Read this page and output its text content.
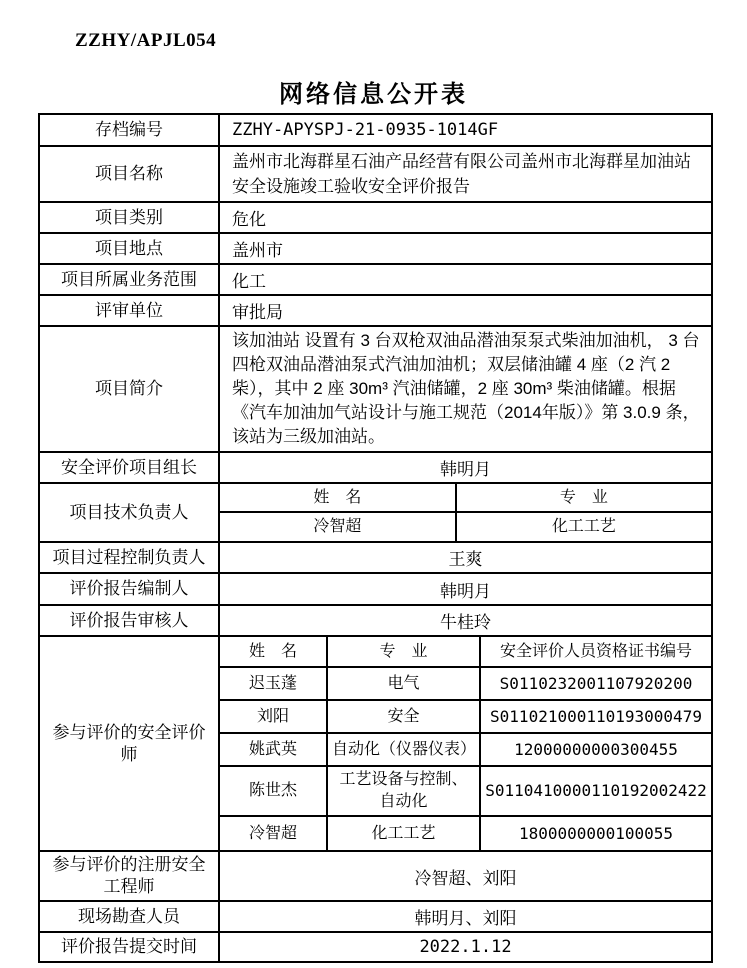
ZZHY/APJL054
网络信息公开表
存档编号	ZZHY-APYSPJ-21-0935-1014GF
项目名称	盖州市北海群星石油产品经营有限公司盖州市北海群星加油站安全设施竣工验收安全评价报告
项目类别	危化
项目地点	盖州市
项目所属业务范围	化工
评审单位	审批局
项目简介	该加油站 设置有 3 台双枪双油品潜油泵泵式柴油加油机， 3 台四枪双油品潜油泵式汽油加油机；双层储油罐 4 座（2 汽 2 柴），其中 2 座 30m³ 汽油储罐，2 座 30m³ 柴油储罐。根据《汽车加油加气站设计与施工规范（2014年版）》第 3.0.9 条，该站为三级加油站。
安全评价项目组长	韩明月
项目技术负责人	
姓　名	专　业
冷智超	化工工艺

项目过程控制负责人	王爽
评价报告编制人	韩明月
评价报告审核人	牛桂玲
参与评价的安全评价师	
姓　名	专　业	安全评价人员资格证书编号
迟玉蓬	电气	S0110232001107920200
刘阳	安全	S011021000110193000479
姚武英	自动化（仪器仪表）	12000000000300455
陈世杰	工艺设备与控制、自动化	S0110410000110192002422
冷智超	化工工艺	1800000000100055

参与评价的注册安全工程师	冷智超、刘阳
现场勘查人员	韩明月、刘阳
评价报告提交时间	2022.1.12
